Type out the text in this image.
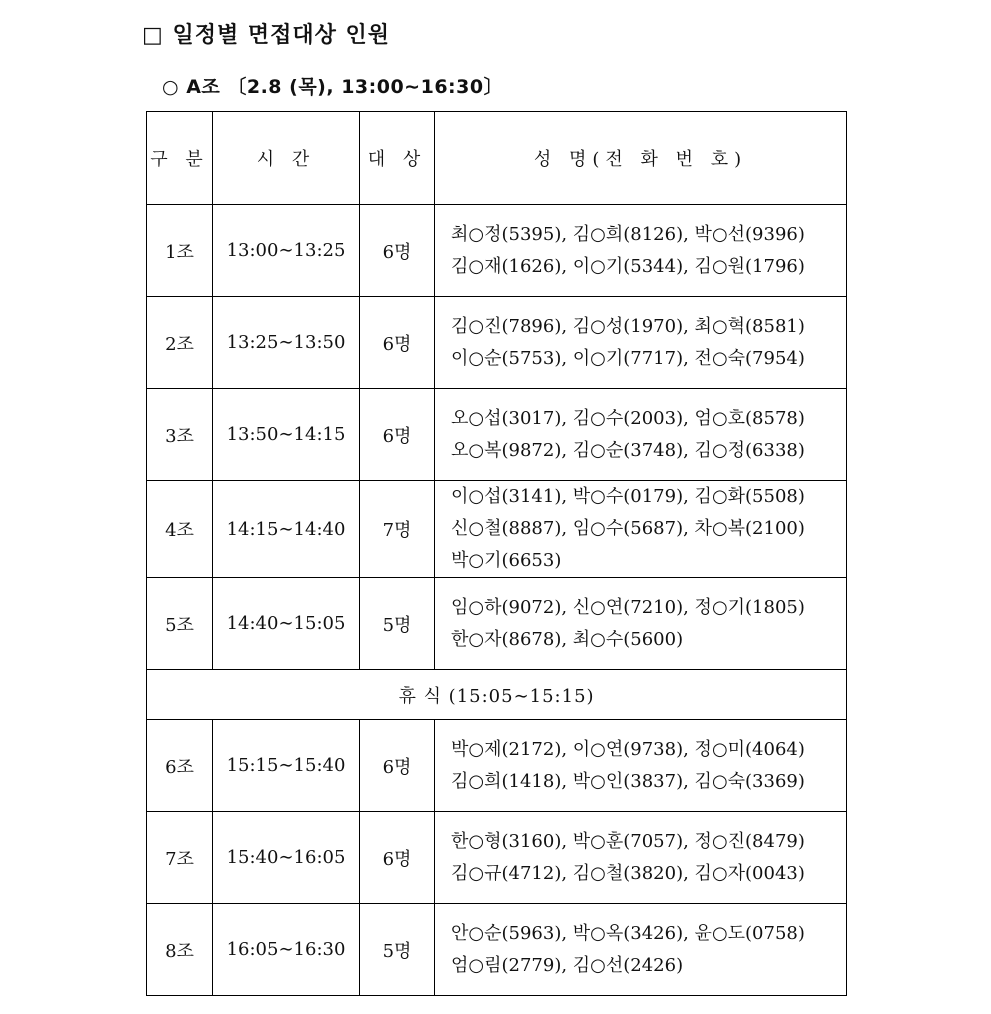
□ 일정별 면접대상 인원
○ A조 〔2.8 (목), 13:00∼16:30〕
구 분	시 간	대 상	성 명(전 화 번 호)
1조	13:00∼13:25	6명	최○정(5395), 김○희(8126), 박○선(9396)
김○재(1626), 이○기(5344), 김○원(1796)
2조	13:25∼13:50	6명	김○진(7896), 김○성(1970), 최○혁(8581)
이○순(5753), 이○기(7717), 전○숙(7954)
3조	13:50∼14:15	6명	오○섭(3017), 김○수(2003), 엄○호(8578)
오○복(9872), 김○순(3748), 김○정(6338)
4조	14:15∼14:40	7명	이○섭(3141), 박○수(0179), 김○화(5508)
신○철(8887), 임○수(5687), 차○복(2100)
박○기(6653)
5조	14:40∼15:05	5명	임○하(9072), 신○연(7210), 정○기(1805)
한○자(8678), 최○수(5600)
휴 식 (15:05∼15:15)			
6조	15:15∼15:40	6명	박○제(2172), 이○연(9738), 정○미(4064)
김○희(1418), 박○인(3837), 김○숙(3369)
7조	15:40∼16:05	6명	한○형(3160), 박○훈(7057), 정○진(8479)
김○규(4712), 김○철(3820), 김○자(0043)
8조	16:05∼16:30	5명	안○순(5963), 박○옥(3426), 윤○도(0758)
엄○림(2779), 김○선(2426)
